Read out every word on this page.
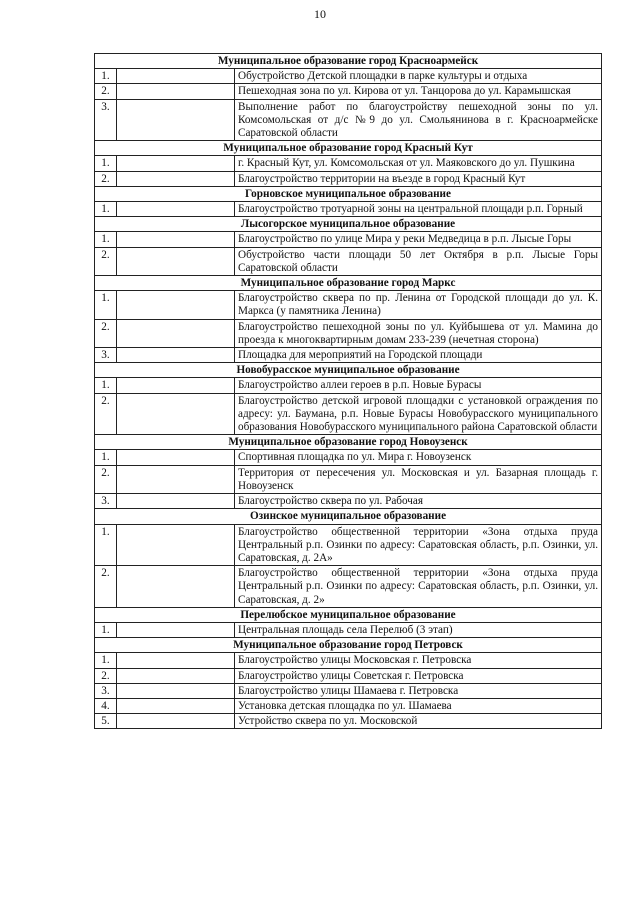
10
Муниципальное образование город Красноармейск		
1.		Обустройство Детской площадки в парке культуры и отдыха
2.		Пешеходная зона по ул. Кирова от ул. Танцорова до ул. Карамышская
3.		Выполнение работ по благоустройству пешеходной зоны по ул. Комсомольская от д/с №9 до ул. Смольянинова в г. Красноармейске Саратовской области
Муниципальное образование город Красный Кут		
1.		г. Красный Кут, ул. Комсомольская от ул. Маяковского до ул. Пушкина
2.		Благоустройство территории на въезде в город Красный Кут
Горновское муниципальное образование		
1.		Благоустройство тротуарной зоны на центральной площади р.п. Горный
Лысогорское муниципальное образование		
1.		Благоустройство по улице Мира у реки Медведица в р.п. Лысые Горы
2.		Обустройство части площади 50 лет Октября в р.п. Лысые Горы Саратовской области
Муниципальное образование город Маркс		
1.		Благоустройство сквера по пр. Ленина от Городской площади до ул. К. Маркса (у памятника Ленина)
2.		Благоустройство пешеходной зоны по ул. Куйбышева от ул. Мамина до проезда к многоквартирным домам 233-239 (нечетная сторона)
3.		Площадка для мероприятий на Городской площади
Новобурасское муниципальное образование		
1.		Благоустройство аллеи героев в р.п. Новые Бурасы
2.		Благоустройство детской игровой площадки с установкой ограждения по адресу: ул. Баумана, р.п. Новые Бурасы Новобурасского муниципального образования Новобурасского муниципального района Саратовской области
Муниципальное образование город Новоузенск		
1.		Спортивная площадка по ул. Мира г. Новоузенск
2.		Территория от пересечения ул. Московская и ул. Базарная площадь г. Новоузенск
3.		Благоустройство сквера по ул. Рабочая
Озинское муниципальное образование		
1.		Благоустройство общественной территории «Зона отдыха пруда Центральный р.п. Озинки по адресу: Саратовская область, р.п. Озинки, ул. Саратовская, д. 2А»
2.		Благоустройство общественной территории «Зона отдыха пруда Центральный р.п. Озинки по адресу: Саратовская область, р.п. Озинки, ул. Саратовская, д. 2»
Перелюбское муниципальное образование		
1.		Центральная площадь села Перелюб (3 этап)
Муниципальное образование город Петровск		
1.		Благоустройство улицы Московская г. Петровска
2.		Благоустройство улицы Советская г. Петровска
3.		Благоустройство улицы Шамаева г. Петровска
4.		Установка детская площадка по ул. Шамаева
5.		Устройство сквера по ул. Московской
